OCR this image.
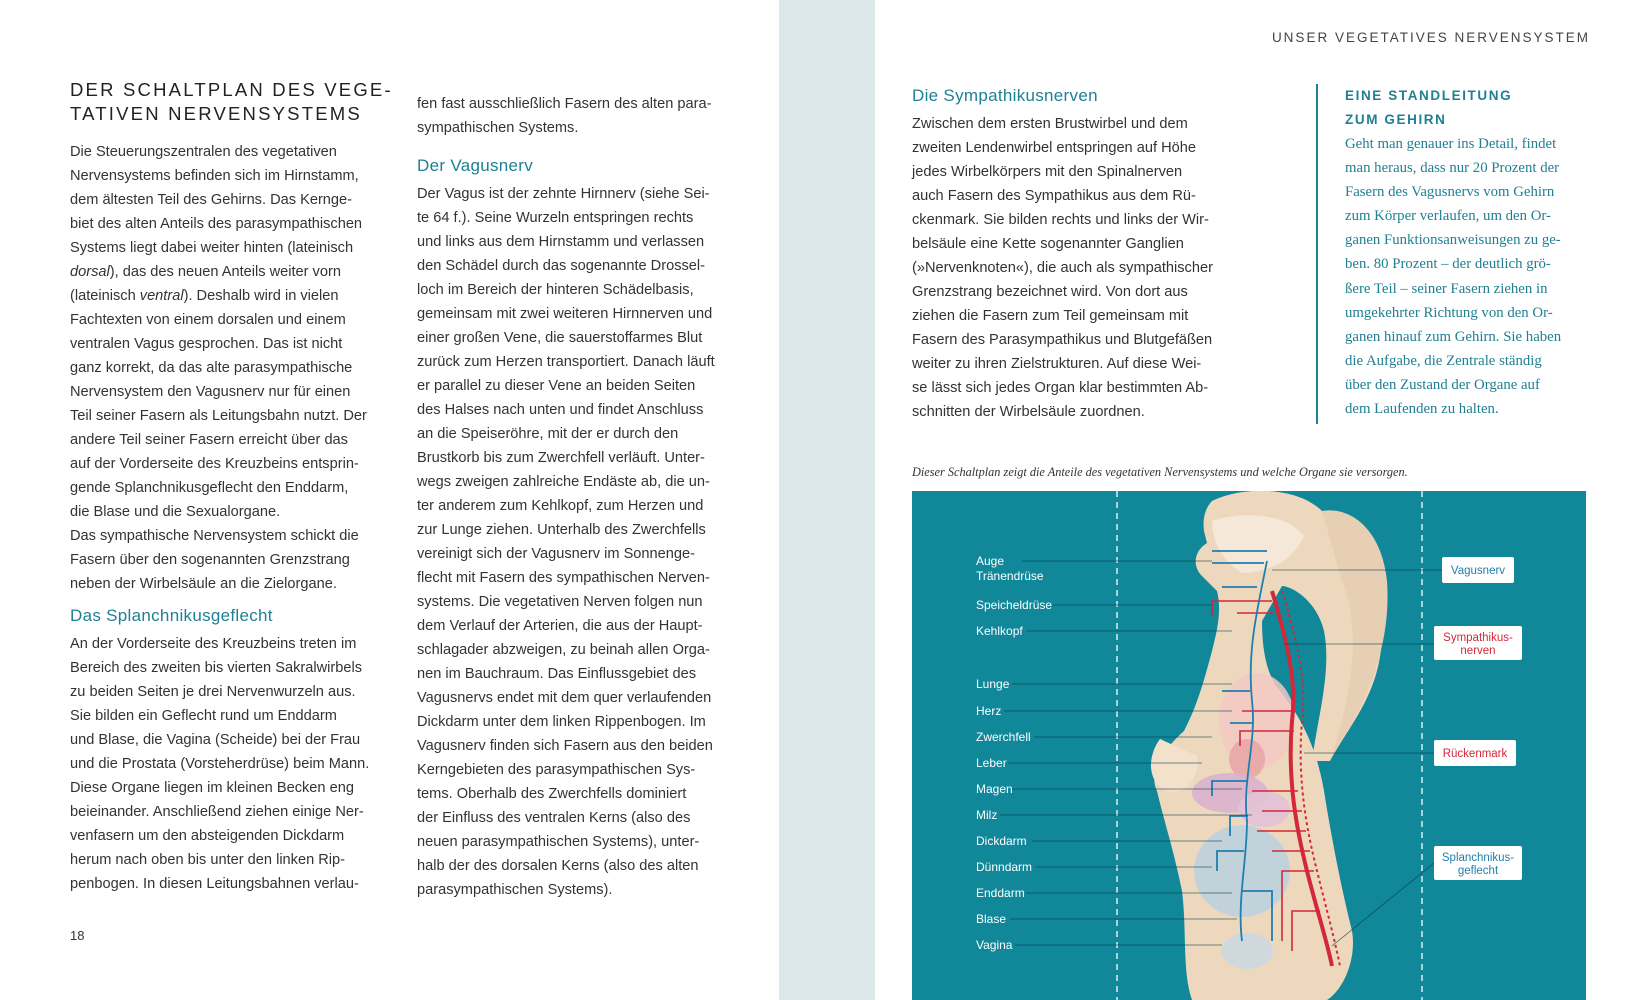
DER SCHALTPLAN DES VEGE-
TATIVEN NERVENSYSTEMS

Die Steuerungszentralen des vegetativen
Nervensystems befinden sich im Hirnstamm,
dem ältesten Teil des Gehirns. Das Kernge-
biet des alten Anteils des parasympathischen
Systems liegt dabei weiter hinten (lateinisch
dorsal), das des neuen Anteils weiter vorn
(lateinisch ventral). Deshalb wird in vielen
Fachtexten von einem dorsalen und einem
ventralen Vagus gesprochen. Das ist nicht
ganz korrekt, da das alte parasympathische
Nervensystem den Vagusnerv nur für einen
Teil seiner Fasern als Leitungsbahn nutzt. Der
andere Teil seiner Fasern erreicht über das
auf der Vorderseite des Kreuzbeins entsprin-
gende Splanchnikusgeflecht den Enddarm,
die Blase und die Sexualorgane.
Das sympathische Nervensystem schickt die
Fasern über den sogenannten Grenzstrang
neben der Wirbelsäule an die Zielorgane.

Das Splanchnikusgeflecht

An der Vorderseite des Kreuzbeins treten im
Bereich des zweiten bis vierten Sakralwirbels
zu beiden Seiten je drei Nervenwurzeln aus.
Sie bilden ein Geflecht rund um Enddarm
und Blase, die Vagina (Scheide) bei der Frau
und die Prostata (Vorsteherdrüse) beim Mann.
Diese Organe liegen im kleinen Becken eng
beieinander. Anschließend ziehen einige Ner-
venfasern um den absteigenden Dickdarm
herum nach oben bis unter den linken Rip-
penbogen. In diesen Leitungsbahnen verlau-

fen fast ausschließlich Fasern des alten para-
sympathischen Systems.

Der Vagusnerv

Der Vagus ist der zehnte Hirnnerv (siehe Sei-
te 64 f.). Seine Wurzeln entspringen rechts
und links aus dem Hirnstamm und verlassen
den Schädel durch das sogenannte Drossel-
loch im Bereich der hinteren Schädelbasis,
gemeinsam mit zwei weiteren Hirnnerven und
einer großen Vene, die sauerstoffarmes Blut
zurück zum Herzen transportiert. Danach läuft
er parallel zu dieser Vene an beiden Seiten
des Halses nach unten und findet Anschluss
an die Speiseröhre, mit der er durch den
Brustkorb bis zum Zwerchfell verläuft. Unter-
wegs zweigen zahlreiche Endäste ab, die un-
ter anderem zum Kehlkopf, zum Herzen und
zur Lunge ziehen. Unterhalb des Zwerchfells
vereinigt sich der Vagusnerv im Sonnenge-
flecht mit Fasern des sympathischen Nerven-
systems. Die vegetativen Nerven folgen nun
dem Verlauf der Arterien, die aus der Haupt-
schlagader abzweigen, zu beinah allen Orga-
nen im Bauchraum. Das Einflussgebiet des
Vagusnervs endet mit dem quer verlaufenden
Dickdarm unter dem linken Rippenbogen. Im
Vagusnerv finden sich Fasern aus den beiden
Kerngebieten des parasympathischen Sys-
tems. Oberhalb des Zwerchfells dominiert
der Einfluss des ventralen Kerns (also des
neuen parasympathischen Systems), unter-
halb der des dorsalen Kerns (also des alten
parasympathischen Systems).

18
UNSER VEGETATIVES NERVENSYSTEM
Die Sympathikusnerven

Zwischen dem ersten Brustwirbel und dem
zweiten Lendenwirbel entspringen auf Höhe
jedes Wirbelkörpers mit den Spinalnerven
auch Fasern des Sympathikus aus dem Rü-
ckenmark. Sie bilden rechts und links der Wir-
belsäule eine Kette sogenannter Ganglien
(»Nervenknoten«), die auch als sympathischer
Grenzstrang bezeichnet wird. Von dort aus
ziehen die Fasern zum Teil gemeinsam mit
Fasern des Parasympathikus und Blutgefäßen
weiter zu ihren Zielstrukturen. Auf diese Wei-
se lässt sich jedes Organ klar bestimmten Ab-
schnitten der Wirbelsäule zuordnen.

EINE STANDLEITUNG
ZUM GEHIRN

Geht man genauer ins Detail, findet
man heraus, dass nur 20 Prozent der
Fasern des Vagusnervs vom Gehirn
zum Körper verlaufen, um den Or-
ganen Funktionsanweisungen zu ge-
ben. 80 Prozent – der deutlich grö-
ßere Teil – seiner Fasern ziehen in
umgekehrter Richtung von den Or-
ganen hinauf zum Gehirn. Sie haben
die Aufgabe, die Zentrale ständig
über den Zustand der Organe auf
dem Laufenden zu halten.

Dieser Schaltplan zeigt die Anteile des vegetativen Nervensystems und welche Organe sie versorgen.
Auge
Tränendrüse
Speicheldrüse
Kehlkopf
Lunge
Herz
Zwerchfell
Leber
Magen
Milz
Dickdarm
Dünndarm
Enddarm
Blase
Vagina
Vagusnerv
Sympathikus-
nerven
Rückenmark
Splanchnikus-
geflecht
